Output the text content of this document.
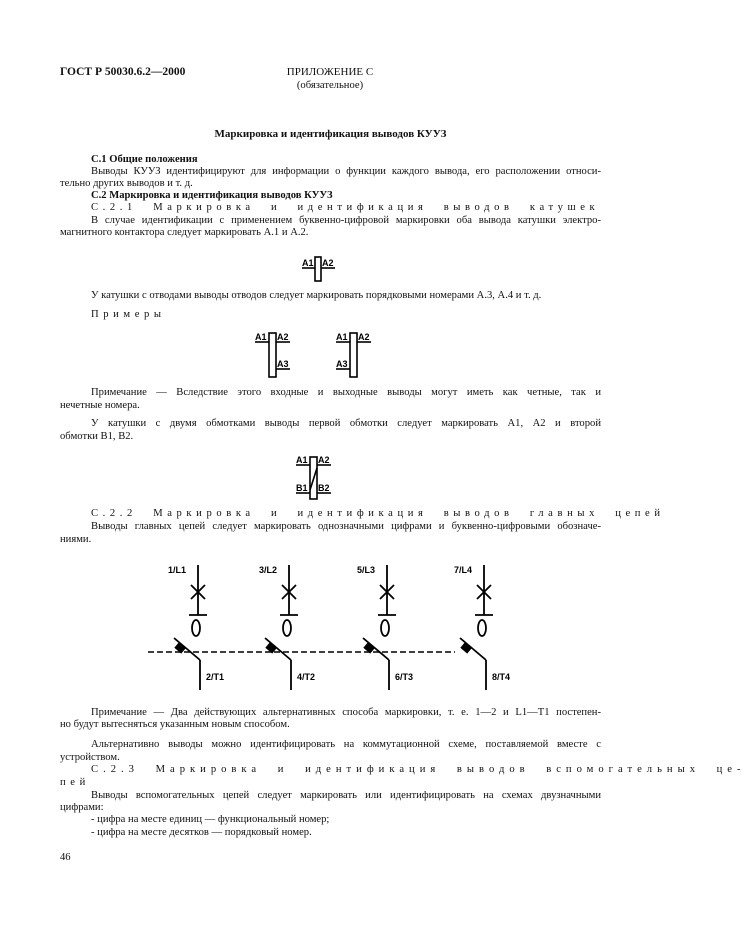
ГОСТ Р 50030.6.2—2000	ПРИЛОЖЕНИЕ С
(обязательное)
Маркировка и идентификация выводов КУУЗ
С.1 Общие положения
Выводы КУУЗ идентифицируют для информации о функции каждого вывода, его расположении относи-
тельно других выводов и т. д.
С.2 Маркировка и идентификация выводов КУУЗ
С.2.1 Маркировка и идентификация выводов катушек
В случае идентификации с применением буквенно-цифровой маркировки оба вывода катушки электро-
магнитного контактора следует маркировать А.1 и А.2.
У катушки с отводами выводы отводов следует маркировать порядковыми номерами А.3, А.4 и т. д.
Примеры
Примечание — Вследствие этого входные и выходные выводы могут иметь как четные, так и
нечетные номера.
У катушки с двумя обмотками выводы первой обмотки следует маркировать А1, А2 и второй
обмотки В1, В2.
С.2.2 Маркировка и идентификация выводов главных цепей
Выводы главных цепей следует маркировать однозначными цифрами и буквенно-цифровыми обозначе-
ниями.
Примечание — Два действующих альтернативных способа маркировки, т. е. 1—2 и L1—T1 постепен-
но будут вытесняться указанным новым способом.
Альтернативно выводы можно идентифицировать на коммутационной схеме, поставляемой вместе с
устройством.
С.2.3 Маркировка и идентификация выводов вспомогательных це-
пей
Выводы вспомогательных цепей следует маркировать или идентифицировать на схемах двузначными
цифрами:
- цифра на месте единиц — функциональный номер;
- цифра на месте десятков — порядковый номер.
46
A1 A2
A1 A2
A3
A1 A2
A3
A1 A2
B1 B2
1/L1
2/T1
3/L2
4/T2
5/L3
6/T3
7/L4
8/T4
